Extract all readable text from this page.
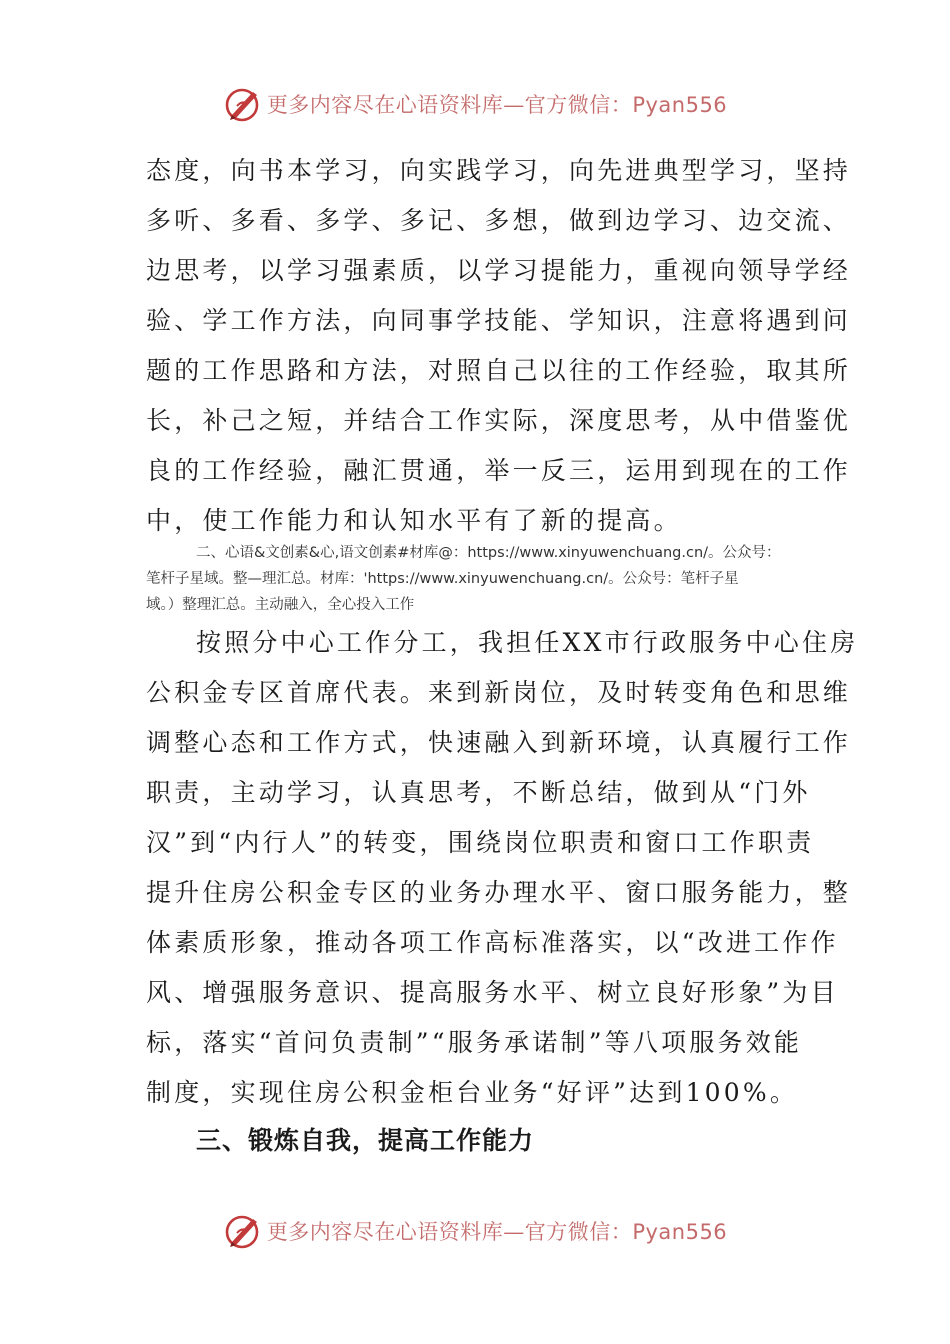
更多内容尽在心语资料库—官方微信：Pyan556
态度，向书本学习，向实践学习，向先进典型学习，坚持
多听、多看、多学、多记、多想，做到边学习、边交流、
边思考，以学习强素质，以学习提能力，重视向领导学经
验、学工作方法，向同事学技能、学知识，注意将遇到问
题的工作思路和方法，对照自己以往的工作经验，取其所
长，补己之短，并结合工作实际，深度思考，从中借鉴优
良的工作经验，融汇贯通，举一反三，运用到现在的工作
中，使工作能力和认知水平有了新的提高。
二、心语&文创素&心,语文创素#材库@：https://www.xinyuwenchuang.cn/。公众号：
笔杆子星域。整—理汇总。材库：'https://www.xinyuwenchuang.cn/。公众号：笔杆子星
域。）整理汇总。主动融入，全心投入工作
按照分中心工作分工，我担任XX市行政服务中心住房
公积金专区首席代表。来到新岗位，及时转变角色和思维
调整心态和工作方式，快速融入到新环境，认真履行工作
职责，主动学习，认真思考，不断总结，做到从“门外
汉”到“内行人”的转变，围绕岗位职责和窗口工作职责
提升住房公积金专区的业务办理水平、窗口服务能力，整
体素质形象，推动各项工作高标准落实，以“改进工作作
风、增强服务意识、提高服务水平、树立良好形象”为目
标，落实“首问负责制”“服务承诺制”等八项服务效能
制度，实现住房公积金柜台业务“好评”达到100%。
三、锻炼自我，提高工作能力
更多内容尽在心语资料库—官方微信：Pyan556
